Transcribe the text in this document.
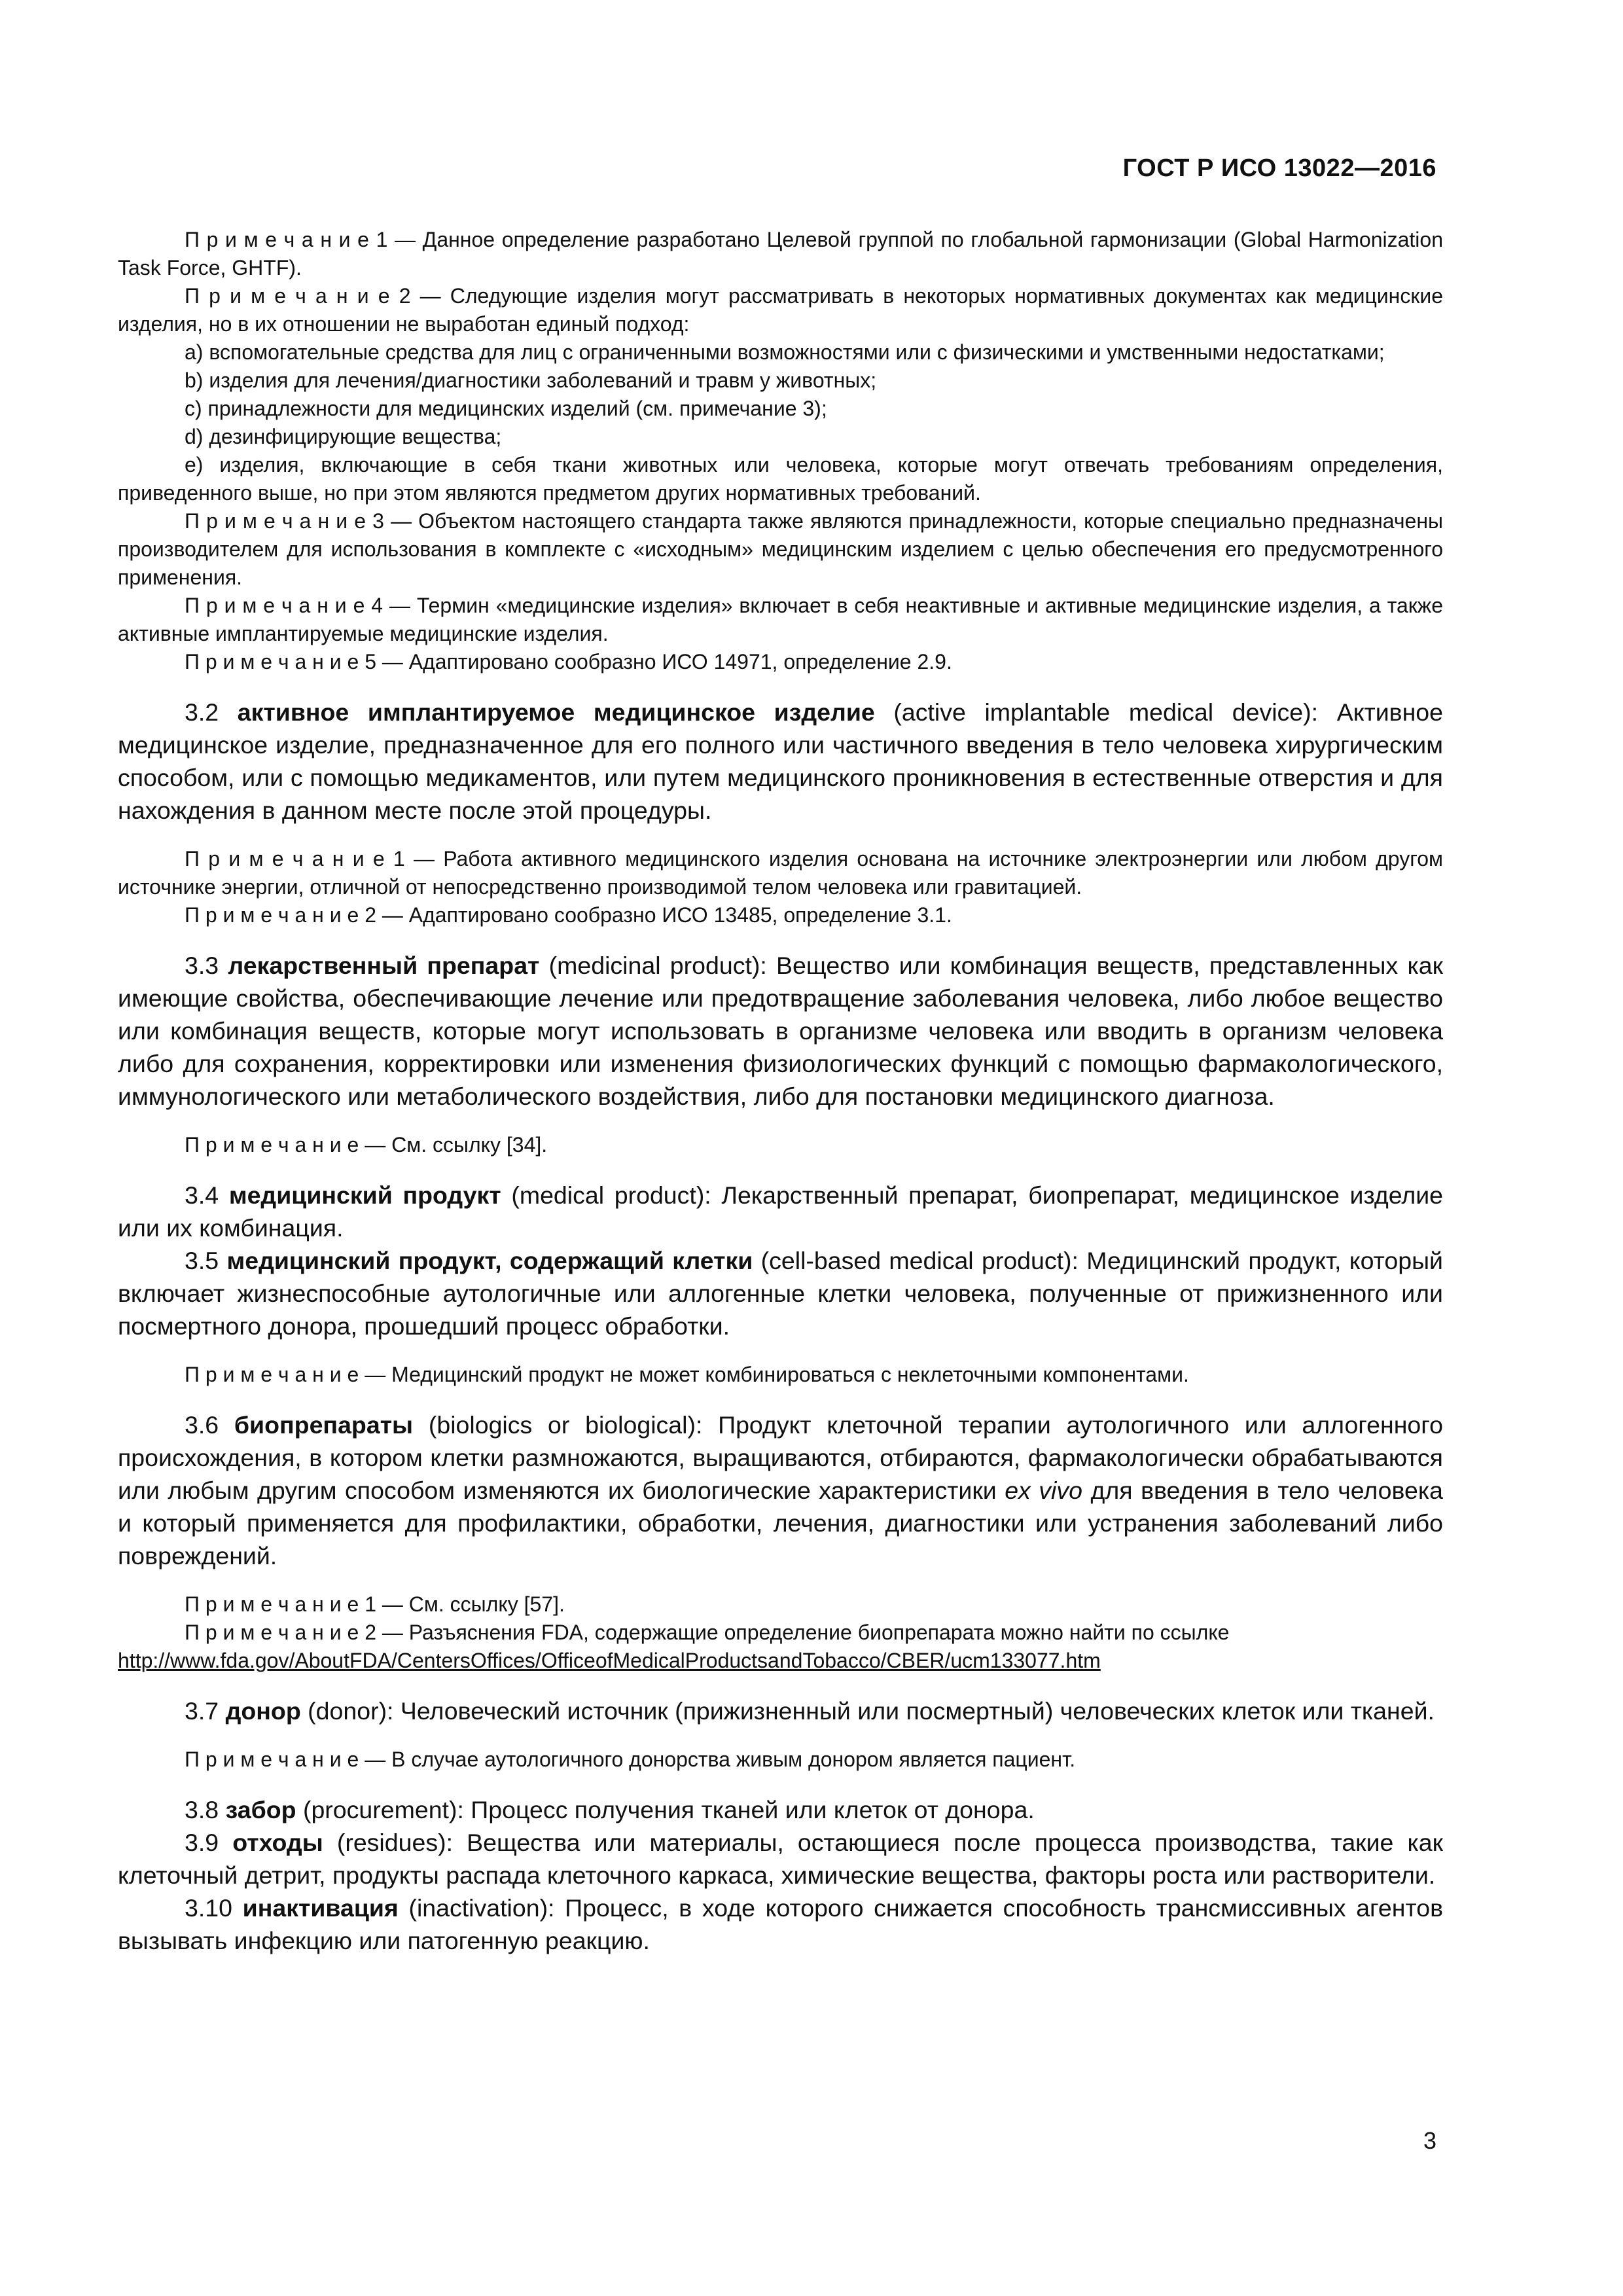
ГОСТ Р ИСО 13022—2016

П р и м е ч а н и е 1 — Данное определение разработано Целевой группой по глобальной гармонизации (Global Harmonization Task Force, GHTF).

П р и м е ч а н и е 2 — Следующие изделия могут рассматривать в некоторых нормативных документах как медицинские изделия, но в их отношении не выработан единый подход:

a) вспомогательные средства для лиц с ограниченными возможностями или с физическими и умственными недостатками;

b) изделия для лечения/диагностики заболеваний и травм у животных;

c) принадлежности для медицинских изделий (см. примечание 3);

d) дезинфицирующие вещества;

e) изделия, включающие в себя ткани животных или человека, которые могут отвечать требованиям определения, приведенного выше, но при этом являются предметом других нормативных требований.

П р и м е ч а н и е 3 — Объектом настоящего стандарта также являются принадлежности, которые специально предназначены производителем для использования в комплекте с «исходным» медицинским изделием с целью обеспечения его предусмотренного применения.

П р и м е ч а н и е 4 — Термин «медицинские изделия» включает в себя неактивные и активные медицинские изделия, а также активные имплантируемые медицинские изделия.

П р и м е ч а н и е 5 — Адаптировано сообразно ИСО 14971, определение 2.9.

3.2 активное имплантируемое медицинское изделие (active implantable medical device): Активное медицинское изделие, предназначенное для его полного или частичного введения в тело человека хирургическим способом, или с помощью медикаментов, или путем медицинского проникновения в естественные отверстия и для нахождения в данном месте после этой процедуры.

П р и м е ч а н и е 1 — Работа активного медицинского изделия основана на источнике электроэнергии или любом другом источнике энергии, отличной от непосредственно производимой телом человека или гравитацией.

П р и м е ч а н и е 2 — Адаптировано сообразно ИСО 13485, определение 3.1.

3.3 лекарственный препарат (medicinal product): Вещество или комбинация веществ, представленных как имеющие свойства, обеспечивающие лечение или предотвращение заболевания человека, либо любое вещество или комбинация веществ, которые могут использовать в организме человека или вводить в организм человека либо для сохранения, корректировки или изменения физиологических функций с помощью фармакологического, иммунологического или метаболического воздействия, либо для постановки медицинского диагноза.

П р и м е ч а н и е — См. ссылку [34].

3.4 медицинский продукт (medical product): Лекарственный препарат, биопрепарат, медицинское изделие или их комбинация.

3.5 медицинский продукт, содержащий клетки (cell-based medical product): Медицинский продукт, который включает жизнеспособные аутологичные или аллогенные клетки человека, полученные от прижизненного или посмертного донора, прошедший процесс обработки.

П р и м е ч а н и е — Медицинский продукт не может комбинироваться с неклеточными компонентами.

3.6 биопрепараты (biologics or biological): Продукт клеточной терапии аутологичного или аллогенного происхождения, в котором клетки размножаются, выращиваются, отбираются, фармакологически обрабатываются или любым другим способом изменяются их биологические характеристики ex vivo для введения в тело человека и который применяется для профилактики, обработки, лечения, диагностики или устранения заболеваний либо повреждений.

П р и м е ч а н и е 1 — См. ссылку [57].

П р и м е ч а н и е 2 — Разъяснения FDA, содержащие определение биопрепарата можно найти по ссылке

http://www.fda.gov/AboutFDA/CentersOffices/OfficeofMedicalProductsandTobacco/CBER/ucm133077.htm

3.7 донор (donor): Человеческий источник (прижизненный или посмертный) человеческих клеток или тканей.

П р и м е ч а н и е — В случае аутологичного донорства живым донором является пациент.

3.8 забор (procurement): Процесс получения тканей или клеток от донора.

3.9 отходы (residues): Вещества или материалы, остающиеся после процесса производства, такие как клеточный детрит, продукты распада клеточного каркаса, химические вещества, факторы роста или растворители.

3.10 инактивация (inactivation): Процесс, в ходе которого снижается способность трансмиссивных агентов вызывать инфекцию или патогенную реакцию.

3
